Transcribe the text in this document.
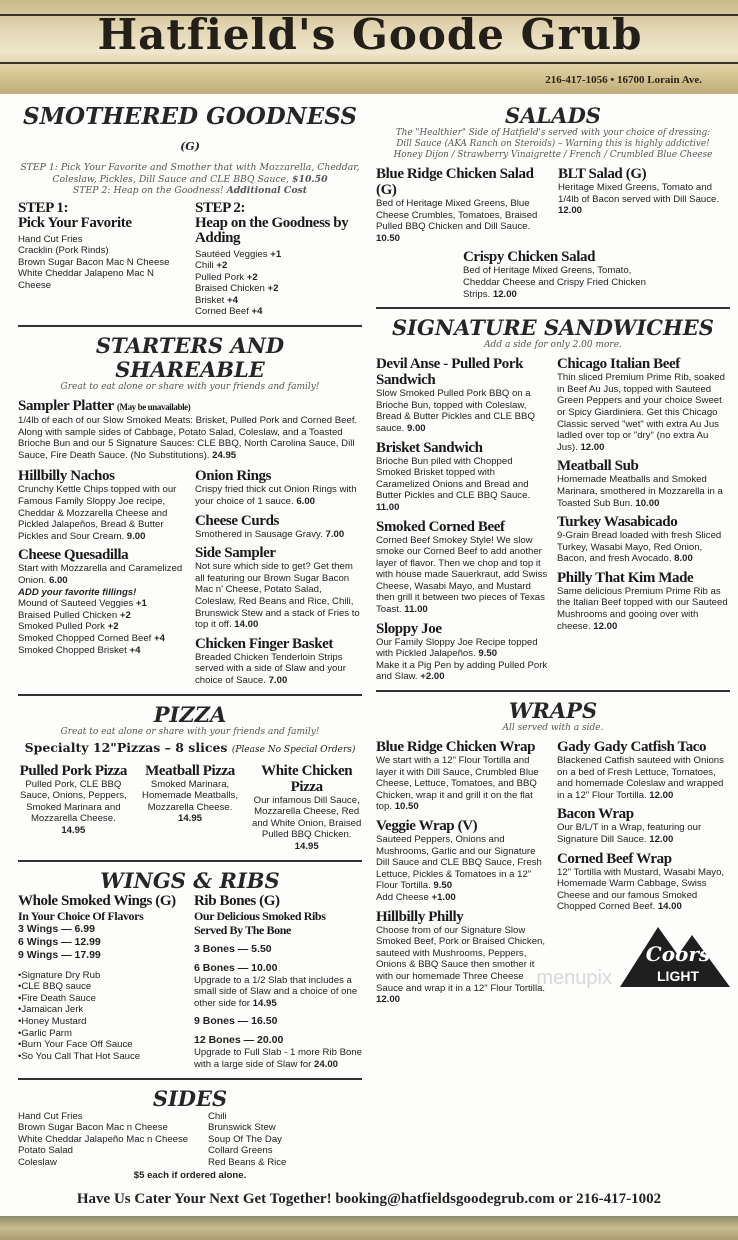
Hatfield's Goode Grub
216-417-1056 • 16700 Lorain Ave.
SMOTHERED GOODNESS (G)
STEP 1: Pick Your Favorite and Smother that with Mozzarella, Cheddar,
Coleslaw, Pickles, Dill Sauce and CLE BBQ Sauce, $10.50
STEP 2: Heap on the Goodness! Additional Cost
STEP 1:
Pick Your Favorite
Hand Cut Fries
Cracklin (Pork Rinds)
Brown Sugar Bacon Mac N Cheese
White Cheddar Jalapeno Mac N Cheese
STEP 2:
Heap on the Goodness by Adding
Sautéed Veggies +1
Chili +2
Pulled Pork +2
Braised Chicken +2
Brisket +4
Corned Beef +4
STARTERS AND SHAREABLE
Great to eat alone or share with your friends and family!
Sampler Platter (May be unavailable)
1/4lb of each of our Slow Smoked Meats: Brisket, Pulled Pork and Corned Beef. Along with sample sides of Cabbage, Potato Salad, Coleslaw, and a Toasted Brioche Bun and our 5 Signature Sauces: CLE BBQ, North Carolina Sauce, Dill Sauce, Fire Death Sauce. (No Substitutions). 24.95
Hillbilly Nachos
Crunchy Kettle Chips topped with our Famous Family Sloppy Joe recipe, Cheddar & Mozzarella Cheese and Pickled Jalapeños, Bread & Butter Pickles and Sour Cream. 9.00
Cheese Quesadilla
Start with Mozzarella and Caramelized Onion. 6.00
ADD your favorite fillings!
Mound of Sauteed Veggies +1
Braised Pulled Chicken +2
Smoked Pulled Pork +2
Smoked Chopped Corned Beef +4
Smoked Chopped Brisket +4
Onion Rings
Crispy fried thick cut Onion Rings with your choice of 1 sauce. 6.00
Cheese Curds
Smothered in Sausage Gravy. 7.00
Side Sampler
Not sure which side to get? Get them all featuring our Brown Sugar Bacon Mac n' Cheese, Potato Salad, Coleslaw, Red Beans and Rice, Chili, Brunswick Stew and a stack of Fries to top it off. 14.00
Chicken Finger Basket
Breaded Chicken Tenderloin Strips served with a side of Slaw and your choice of Sauce. 7.00
PIZZA
Great to eat alone or share with your friends and family!
Specialty 12"Pizzas – 8 slices (Please No Special Orders)
Pulled Pork Pizza
Pulled Pork, CLE BBQ Sauce, Onions, Peppers, Smoked Marinara and Mozzarella Cheese. 14.95
Meatball Pizza
Smoked Marinara, Homemade Meatballs, Mozzarella Cheese. 14.95
White Chicken Pizza
Our infamous Dill Sauce, Mozzarella Cheese, Red and White Onion, Braised Pulled BBQ Chicken. 14.95
WINGS & RIBS
Whole Smoked Wings (G)
In Your Choice Of Flavors
3 Wings — 6.99
6 Wings — 12.99
9 Wings — 17.99
•Signature Dry Rub
•CLE BBQ sauce
•Fire Death Sauce
•Jamaican Jerk
•Honey Mustard
•Garlic Parm
•Burn Your Face Off Sauce
•So You Call That Hot Sauce
Rib Bones (G)
Our Delicious Smoked Ribs
Served By The Bone
3 Bones — 5.50
6 Bones — 10.00
Upgrade to a 1/2 Slab that includes a small side of Slaw and a choice of one other side for 14.95
9 Bones — 16.50
12 Bones — 20.00
Upgrade to Full Slab - 1 more Rib Bone with a large side of Slaw for 24.00
SIDES
Hand Cut Fries
Brown Sugar Bacon Mac n Cheese
White Cheddar Jalapeño Mac n Cheese
Potato Salad
Coleslaw
Chili
Brunswick Stew
Soup Of The Day
Collard Greens
Red Beans & Rice
$5 each if ordered alone.
SALADS
The "Healthier" Side of Hatfield's served with your choice of dressing:
Dill Sauce (AKA Ranch on Steroids) – Warning this is highly addictive!
Honey Dijon / Strawberry Vinaigrette / French / Crumbled Blue Cheese
Blue Ridge Chicken Salad (G)
Bed of Heritage Mixed Greens, Blue Cheese Crumbles, Tomatoes, Braised Pulled BBQ Chicken and Dill Sauce. 10.50
BLT Salad (G)
Heritage Mixed Greens, Tomato and 1/4lb of Bacon served with Dill Sauce. 12.00
Crispy Chicken Salad
Bed of Heritage Mixed Greens, Tomato, Cheddar Cheese and Crispy Fried Chicken Strips. 12.00
SIGNATURE SANDWICHES
Add a side for only 2.00 more.
Devil Anse - Pulled Pork Sandwich
Slow Smoked Pulled Pork BBQ on a Brioche Bun, topped with Coleslaw, Bread & Butter Pickles and CLE BBQ sauce. 9.00
Brisket Sandwich
Brioche Bun piled with Chopped Smoked Brisket topped with Caramelized Onions and Bread and Butter Pickles and CLE BBQ Sauce. 11.00
Smoked Corned Beef
Corned Beef Smokey Style! We slow smoke our Corned Beef to add another layer of flavor. Then we chop and top it with house made Sauerkraut, add Swiss Cheese, Wasabi Mayo, and Mustard then grill it between two pieces of Texas Toast. 11.00
Sloppy Joe
Our Family Sloppy Joe Recipe topped with Pickled Jalapeños. 9.50
Make it a Pig Pen by adding Pulled Pork and Slaw. +2.00
Chicago Italian Beef
Thin sliced Premium Prime Rib, soaked in Beef Au Jus, topped with Sauteed Green Peppers and your choice Sweet or Spicy Giardiniera. Get this Chicago Classic served "wet" with extra Au Jus ladled over top or "dry" (no extra Au Jus). 12.00
Meatball Sub
Homemade Meatballs and Smoked Marinara, smothered in Mozzarella in a Toasted Sub Bun. 10.00
Turkey Wasabicado
9-Grain Bread loaded with fresh Sliced Turkey, Wasabi Mayo, Red Onion, Bacon, and fresh Avocado. 8.00
Philly That Kim Made
Same delicious Premium Prime Rib as the Italian Beef topped with our Sauteed Mushrooms and gooing over with cheese. 12.00
WRAPS
All served with a side.
Blue Ridge Chicken Wrap
We start with a 12" Flour Tortilla and layer it with Dill Sauce, Crumbled Blue Cheese, Lettuce, Tomatoes, and BBQ Chicken, wrap it and grill it on the flat top. 10.50
Veggie Wrap (V)
Sauteed Peppers, Onions and Mushrooms, Garlic and our Signature Dill Sauce and CLE BBQ Sauce, Fresh Lettuce, Pickles & Tomatoes in a 12" Flour Tortilla. 9.50
Add Cheese +1.00
Hillbilly Philly
Choose from of our Signature Slow Smoked Beef, Pork or Braised Chicken, sauteed with Mushrooms, Peppers, Onions & BBQ Sauce then smother it with our homemade Three Cheese Sauce and wrap it in a 12" Flour Tortilla. 12.00
Gady Gady Catfish Taco
Blackened Catfish sauteed with Onions on a bed of Fresh Lettuce, Tomatoes, and homemade Coleslaw and wrapped in a 12" Flour Tortilla. 12.00
Bacon Wrap
Our B/L/T in a Wrap, featuring our Signature Dill Sauce. 12.00
Corned Beef Wrap
12" Tortilla with Mustard, Wasabi Mayo, Homemade Warm Cabbage, Swiss Cheese and our famous Smoked Chopped Corned Beef. 14.00
menupix
Coors
LIGHT
Have Us Cater Your Next Get Together! booking@hatfieldsgoodegrub.com or 216-417-1002
